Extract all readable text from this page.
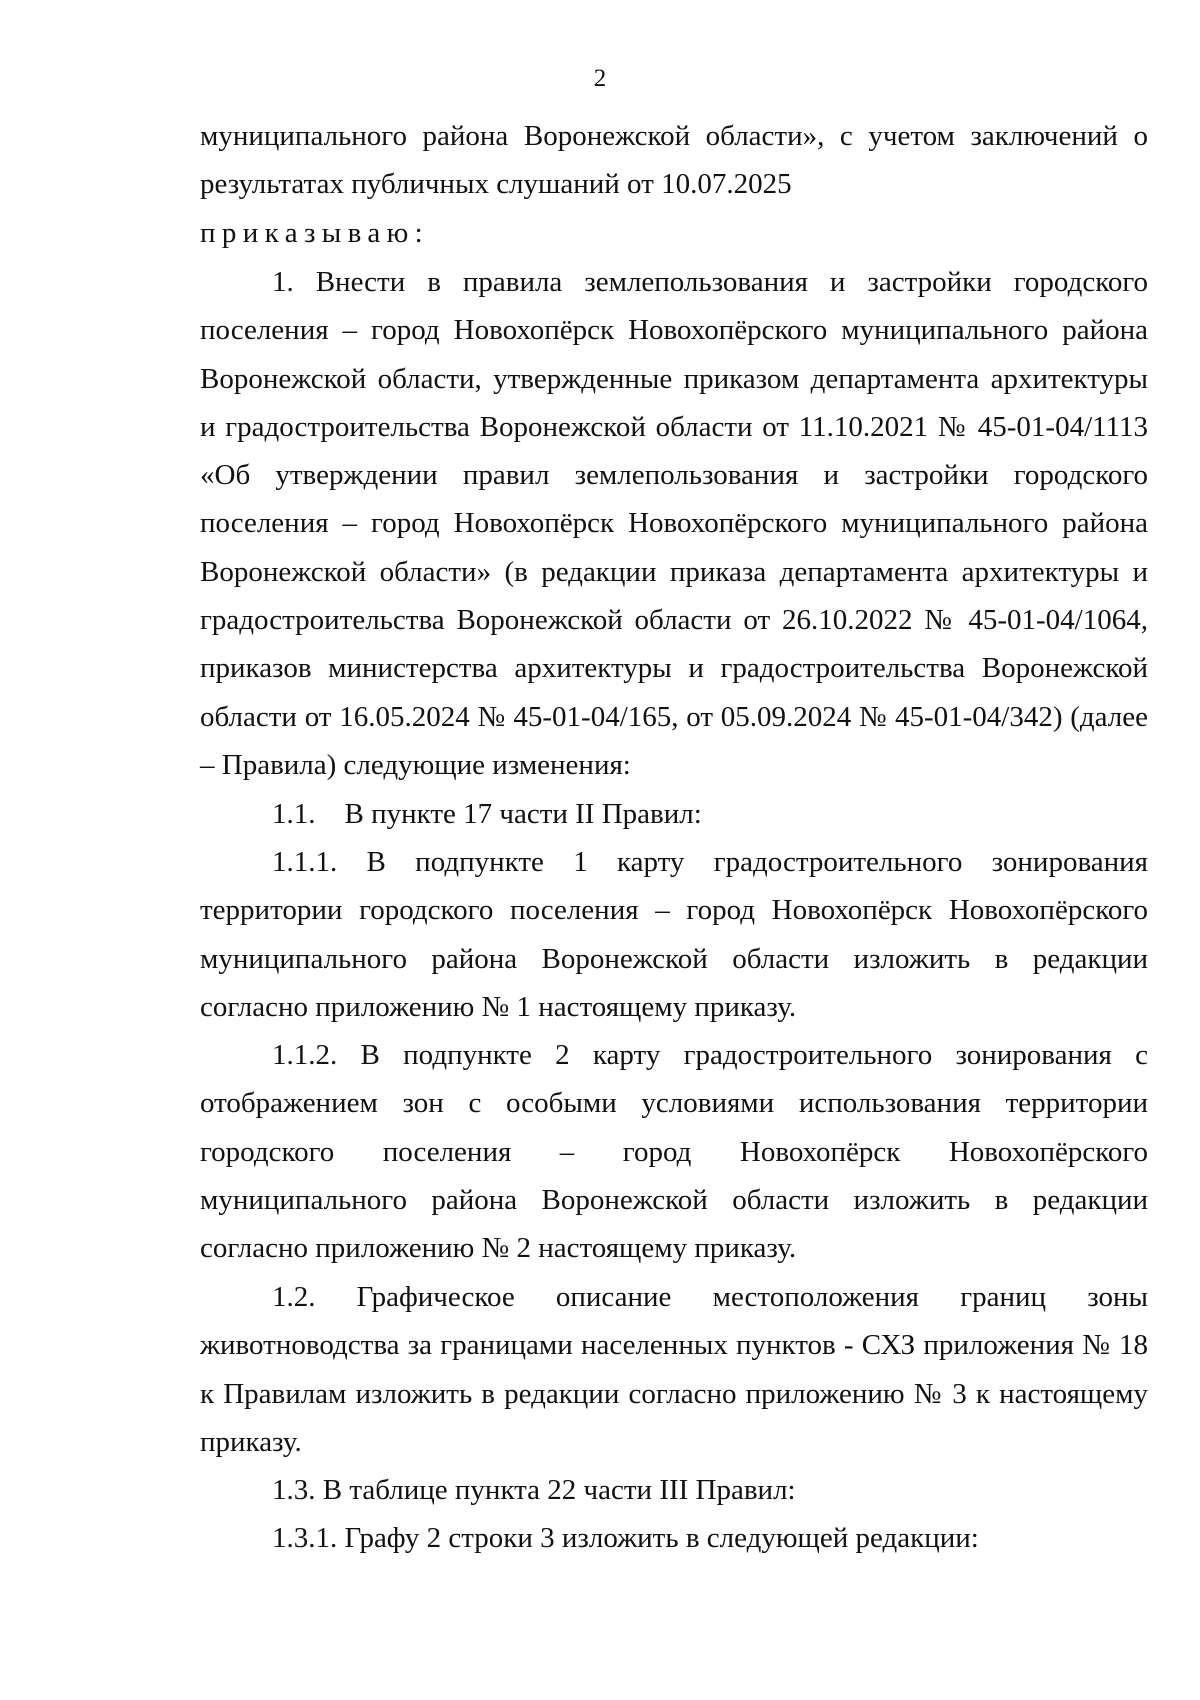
2
муниципального района Воронежской области», с учетом заключений о результатах публичных слушаний от 10.07.2025
приказываю:
1. Внести в правила землепользования и застройки городского поселения – город Новохопёрск Новохопёрского муниципального района Воронежской области, утвержденные приказом департамента архитектуры и градостроительства Воронежской области от 11.10.2021 № 45-01-04/1113 «Об утверждении правил землепользования и застройки городского поселения – город Новохопёрск Новохопёрского муниципального района Воронежской области» (в редакции приказа департамента архитектуры и градостроительства Воронежской области от 26.10.2022 № 45-01-04/1064, приказов министерства архитектуры и градостроительства Воронежской области от 16.05.2024 № 45-01-04/165, от 05.09.2024 № 45-01-04/342) (далее – Правила) следующие изменения:
1.1. В пункте 17 части II Правил:
1.1.1. В подпункте 1 карту градостроительного зонирования территории городского поселения – город Новохопёрск Новохопёрского муниципального района Воронежской области изложить в редакции согласно приложению № 1 настоящему приказу.
1.1.2. В подпункте 2 карту градостроительного зонирования с отображением зон с особыми условиями использования территории городского поселения – город Новохопёрск Новохопёрского муниципального района Воронежской области изложить в редакции согласно приложению № 2 настоящему приказу.
1.2. Графическое описание местоположения границ зоны животноводства за границами населенных пунктов - СХЗ приложения № 18 к Правилам изложить в редакции согласно приложению № 3 к настоящему приказу.
1.3. В таблице пункта 22 части III Правил:
1.3.1. Графу 2 строки 3 изложить в следующей редакции:
